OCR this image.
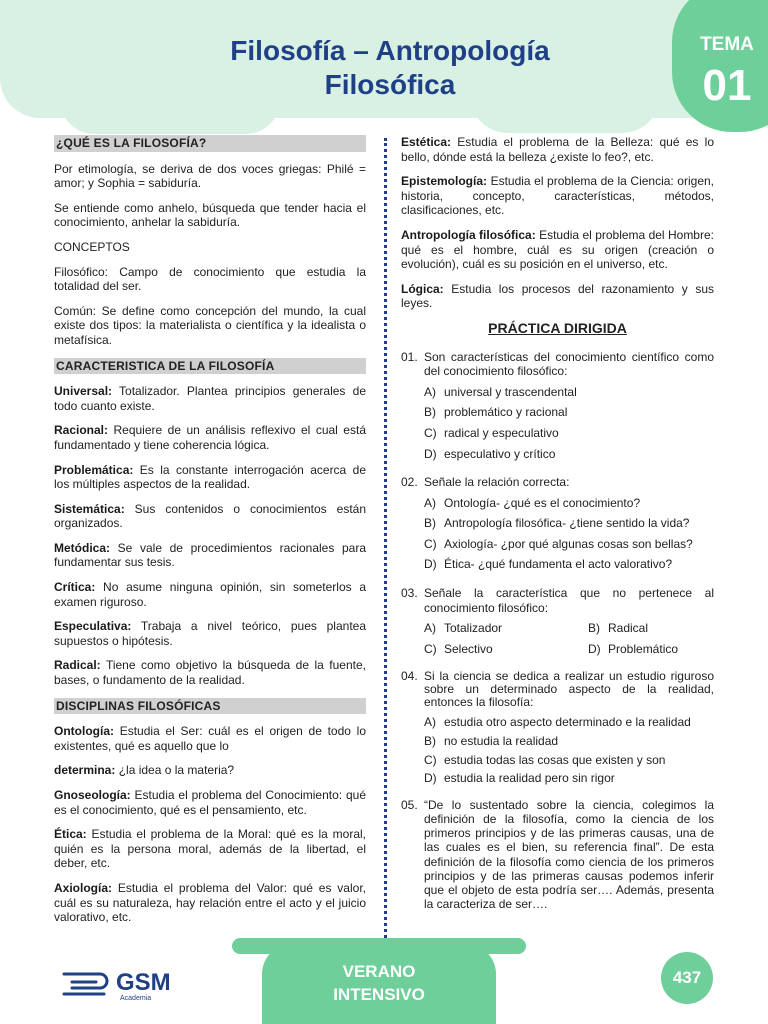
Filosofía – Antropología
Filosófica
TEMA
01
¿QUÉ ES LA FILOSOFÍA?

Por etimología, se deriva de dos voces griegas: Philé = amor; y Sophia = sabiduría.

Se entiende como anhelo, búsqueda que tender hacia el conocimiento, anhelar la sabiduría.

CONCEPTOS

Filosófico: Campo de conocimiento que estudia la totalidad del ser.

Común: Se define como concepción del mundo, la cual existe dos tipos: la materialista o científica y la idealista o metafísica.

CARACTERISTICA DE LA FILOSOFÍA

Universal: Totalizador. Plantea principios generales de todo cuanto existe.

Racional: Requiere de un análisis reflexivo el cual está fundamentado y tiene coherencia lógica.

Problemática: Es la constante interrogación acerca de los múltiples aspectos de la realidad.

Sistemática: Sus contenidos o conocimientos están organizados.

Metódica: Se vale de procedimientos racionales para fundamentar sus tesis.

Crítica: No asume ninguna opinión, sin someterlos a examen riguroso.

Especulativa: Trabaja a nivel teórico, pues plantea supuestos o hipótesis.

Radical: Tiene como objetivo la búsqueda de la fuente, bases, o fundamento de la realidad.

DISCIPLINAS FILOSÓFICAS

Ontología: Estudia el Ser: cuál es el origen de todo lo existentes, qué es aquello que lo

determina: ¿la idea o la materia?

Gnoseología: Estudia el problema del Conocimiento: qué es el conocimiento, qué es el pensamiento, etc.

Ética: Estudia el problema de la Moral: qué es la moral, quién es la persona moral, además de la libertad, el deber, etc.

Axiología: Estudia el problema del Valor: qué es valor, cuál es su naturaleza, hay relación entre el acto y el juicio valorativo, etc.

Estética: Estudia el problema de la Belleza: qué es lo bello, dónde está la belleza ¿existe lo feo?, etc.

Epistemología: Estudia el problema de la Ciencia: origen, historia, concepto, características, métodos, clasificaciones, etc.

Antropología filosófica: Estudia el problema del Hombre: qué es el hombre, cuál es su origen (creación o evolución), cuál es su posición en el universo, etc.

Lógica: Estudia los procesos del razonamiento y sus leyes.

PRÁCTICA DIRIGIDA
01. Son características del conocimiento científico como del conocimiento filosófico:
A) universal y trascendental
B) problemático y racional
C) radical y especulativo
D) especulativo y crítico
02. Señale la relación correcta:
A) Ontología- ¿qué es el conocimiento?
B) Antropología filosófica- ¿tiene sentido la vida?
C) Axiología- ¿por qué algunas cosas son bellas?
D) Ética- ¿qué fundamenta el acto valorativo?
03. Señale la característica que no pertenece al conocimiento filosófico:
A) Totalizador	B) Radical
C) Selectivo	D) Problemático
04. Si la ciencia se dedica a realizar un estudio riguroso sobre un determinado aspecto de la realidad, entonces la filosofía:
A) estudia otro aspecto determinado e la realidad
B) no estudia la realidad
C) estudia todas las cosas que existen y son
D) estudia la realidad pero sin rigor
05. “De lo sustentado sobre la ciencia, colegimos la definición de la filosofía, como la ciencia de los primeros principios y de las primeras causas, una de las cuales es el bien, su referencia final”. De esta definición de la filosofía como ciencia de los primeros principios y de las primeras causas podemos inferir que el objeto de esta podría ser…. Además, presenta la caracteriza de ser….
GSM
Academia
VERANO
INTENSIVO
437
